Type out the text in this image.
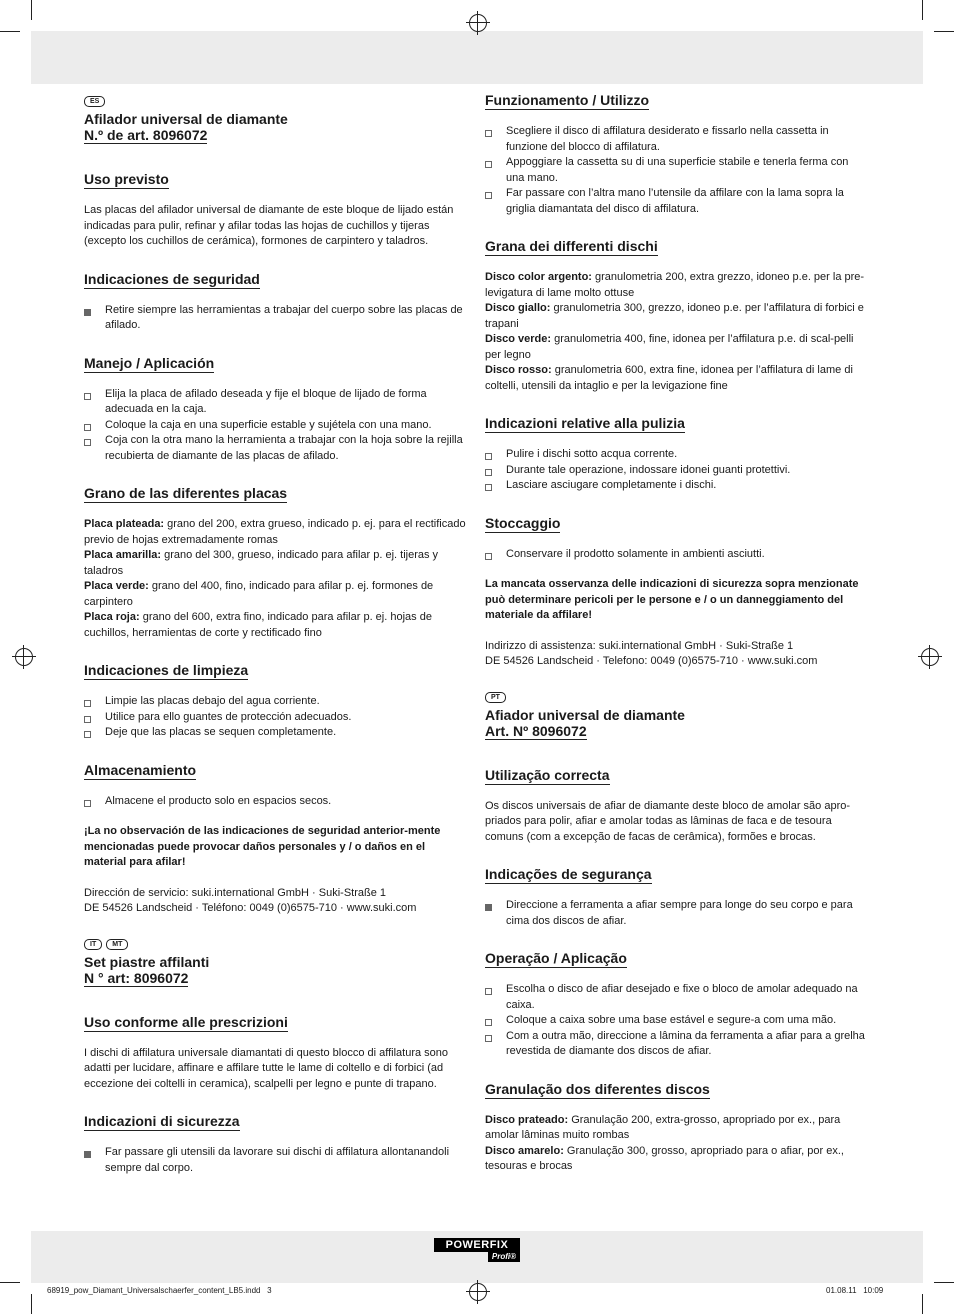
ES
Afilador universal de diamante
N.º de art. 8096072
Uso previsto

Las placas del afilador universal de diamante de este bloque de lijado están indicadas para pulir, refinar y afilar todas las hojas de cuchillos y tijeras (excepto los cuchillos de cerámica), formones de carpintero y taladros.

Indicaciones de seguridad
Retire siempre las herramientas a trabajar del cuerpo sobre las placas de afilado.
Manejo / Aplicación
Elija la placa de afilado deseada y fije el bloque de lijado de forma adecuada en la caja.
Coloque la caja en una superficie estable y sujétela con una mano.
Coja con la otra mano la herramienta a trabajar con la hoja sobre la rejilla recubierta de diamante de las placas de afilado.
Grano de las diferentes placas

Placa plateada: grano del 200, extra grueso, indicado p. ej. para el rectificado previo de hojas extremadamente romas

Placa amarilla: grano del 300, grueso, indicado para afilar p. ej. tijeras y taladros

Placa verde: grano del 400, fino, indicado para afilar p. ej. formones de carpintero

Placa roja: grano del 600, extra fino, indicado para afilar p. ej. hojas de cuchillos, herramientas de corte y rectificado fino

Indicaciones de limpieza
Limpie las placas debajo del agua corriente.
Utilice para ello guantes de protección adecuados.
Deje que las placas se sequen completamente.
Almacenamiento
Almacene el producto solo en espacios secos.

¡La no observación de las indicaciones de seguridad anterior-mente mencionadas puede provocar daños personales y / o daños en el material para afilar!

Dirección de servicio: suki.international GmbH · Suki-Straße 1

DE 54526 Landscheid · Teléfono: 0049 (0)6575-710 · www.suki.com

IT	MT
Set piastre affilanti
N ° art: 8096072
Uso conforme alle prescrizioni

I dischi di affilatura universale diamantati di questo blocco di affilatura sono adatti per lucidare, affinare e affilare tutte le lame di coltello e di forbici (ad eccezione dei coltelli in ceramica), scalpelli per legno e punte di trapano.

Indicazioni di sicurezza
Far passare gli utensili da lavorare sui dischi di affilatura allontanandoli sempre dal corpo.
Funzionamento / Utilizzo
Scegliere il disco di affilatura desiderato e fissarlo nella cassetta in funzione del blocco di affilatura.
Appoggiare la cassetta su di una superficie stabile e tenerla ferma con una mano.
Far passare con l’altra mano l’utensile da affilare con la lama sopra la griglia diamantata del disco di affilatura.
Grana dei differenti dischi

Disco color argento: granulometria 200, extra grezzo, idoneo p.e. per la pre-levigatura di lame molto ottuse

Disco giallo: granulometria 300, grezzo, idoneo p.e. per l’affilatura di forbici e trapani

Disco verde: granulometria 400, fine, idonea per l’affilatura p.e. di scal-pelli per legno

Disco rosso: granulometria 600, extra fine, idonea per l’affilatura di lame di coltelli, utensili da intaglio e per la levigazione fine

Indicazioni relative alla pulizia
Pulire i dischi sotto acqua corrente.
Durante tale operazione, indossare idonei guanti protettivi.
Lasciare asciugare completamente i dischi.
Stoccaggio
Conservare il prodotto solamente in ambienti asciutti.

La mancata osservanza delle indicazioni di sicurezza sopra menzionate può determinare pericoli per le persone e / o un danneggiamento del materiale da affilare!

Indirizzo di assistenza: suki.international GmbH · Suki-Straße 1

DE 54526 Landscheid · Telefono: 0049 (0)6575-710 · www.suki.com

PT
Afiador universal de diamante
Art. Nº 8096072
Utilização correcta

Os discos universais de afiar de diamante deste bloco de amolar são apro-priados para polir, afiar e amolar todas as lâminas de faca e de tesoura comuns (com a excepção de facas de cerâmica), formões e brocas.

Indicações de segurança
Direccione a ferramenta a afiar sempre para longe do seu corpo e para cima dos discos de afiar.
Operação / Aplicação
Escolha o disco de afiar desejado e fixe o bloco de amolar adequado na caixa.
Coloque a caixa sobre uma base estável e segure-a com uma mão.
Com a outra mão, direccione a lâmina da ferramenta a afiar para a grelha revestida de diamante dos discos de afiar.
Granulação dos diferentes discos

Disco prateado: Granulação 200, extra-grosso, apropriado por ex., para amolar lâminas muito rombas

Disco amarelo: Granulação 300, grosso, apropriado para o afiar, por ex., tesouras e brocas

POWERFIX
Profi®
68919_pow_Diamant_Universalschaerfer_content_LB5.indd   3	01.08.11   10:09
